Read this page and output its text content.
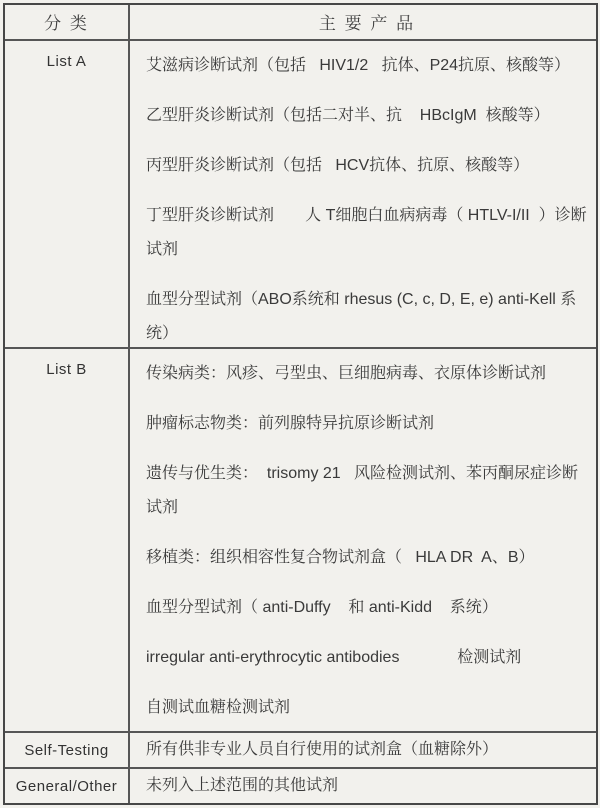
分 类	主 要 产 品
List A	艾滋病诊断试剂（包括   HIV1/2   抗体、P24抗原、核酸等）

乙型肝炎诊断试剂（包括二对半、抗    HBcIgM  核酸等）

丙型肝炎诊断试剂（包括   HCV抗体、抗原、核酸等）

丁型肝炎诊断试剂       人 T细胞白血病病毒（ HTLV-I/II  ）诊断试剂

血型分型试剂（ABO系统和 rhesus (C, c, D, E, e) anti-Kell 系统）

List B	传染病类：风疹、弓型虫、巨细胞病毒、衣原体诊断试剂

肿瘤标志物类：前列腺特异抗原诊断试剂

遗传与优生类：  trisomy 21   风险检测试剂、苯丙酮尿症诊断试剂

移植类：组织相容性复合物试剂盒（   HLA DR  A、B）

血型分型试剂（ anti-Duffy    和 anti-Kidd    系统）

irregular anti-erythrocytic antibodies             检测试剂

自测试血糖检测试剂

Self-Testing 所有供非专业人员自行使用的试剂盒（血糖除外）

General/Other 未列入上述范围的其他试剂
